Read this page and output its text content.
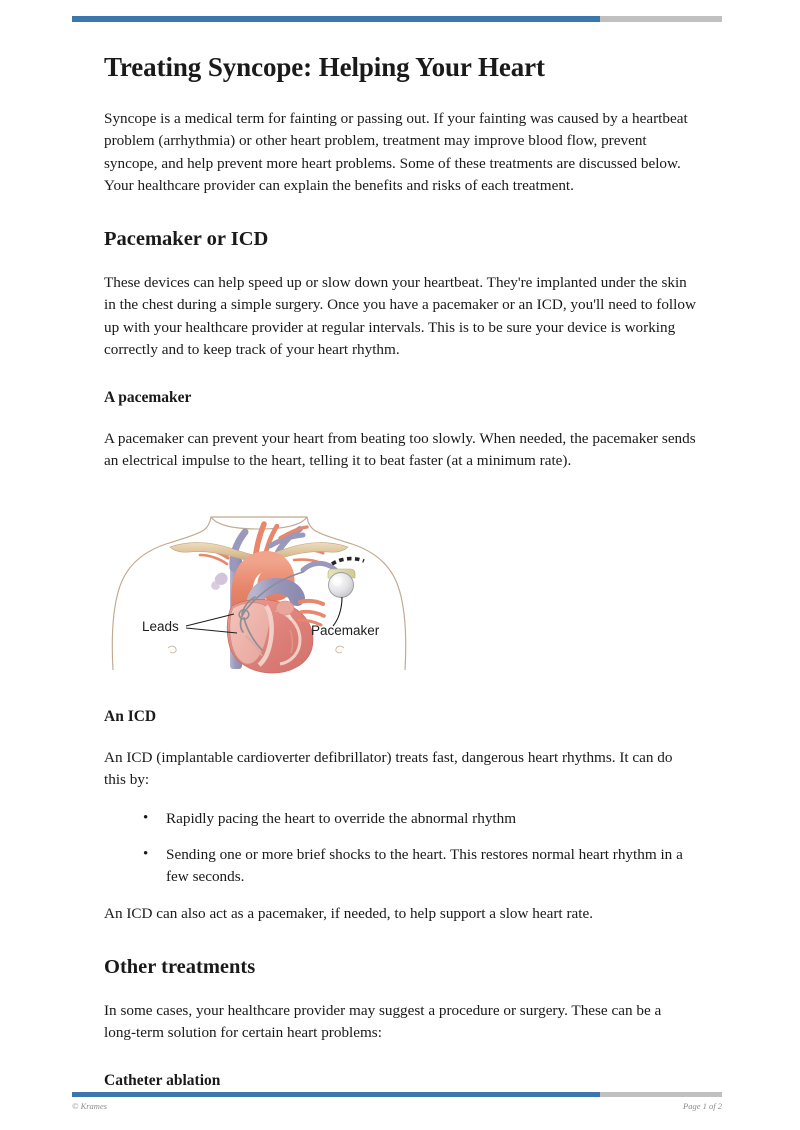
Treating Syncope: Helping Your Heart

Syncope is a medical term for fainting or passing out. If your fainting was caused by a heartbeat problem (arrhythmia) or other heart problem, treatment may improve blood flow, prevent syncope, and help prevent more heart problems. Some of these treatments are discussed below. Your healthcare provider can explain the benefits and risks of each treatment.

Pacemaker or ICD

These devices can help speed up or slow down your heartbeat. They're implanted under the skin in the chest during a simple surgery. Once you have a pacemaker or an ICD, you'll need to follow up with your healthcare provider at regular intervals. This is to be sure your device is working correctly and to keep track of your heart rhythm.

A pacemaker

A pacemaker can prevent your heart from beating too slowly. When needed, the pacemaker sends an electrical impulse to the heart, telling it to beat faster (at a minimum rate).

Leads	Pacemaker
An ICD

An ICD (implantable cardioverter defibrillator) treats fast, dangerous heart rhythms. It can do this by:

• Rapidly pacing the heart to override the abnormal rhythm
• Sending one or more brief shocks to the heart. This restores normal heart rhythm in a few seconds.

An ICD can also act as a pacemaker, if needed, to help support a slow heart rate.

Other treatments

In some cases, your healthcare provider may suggest a procedure or surgery. These can be a long-term solution for certain heart problems:

Catheter ablation
© Krames	Page 1 of 2
